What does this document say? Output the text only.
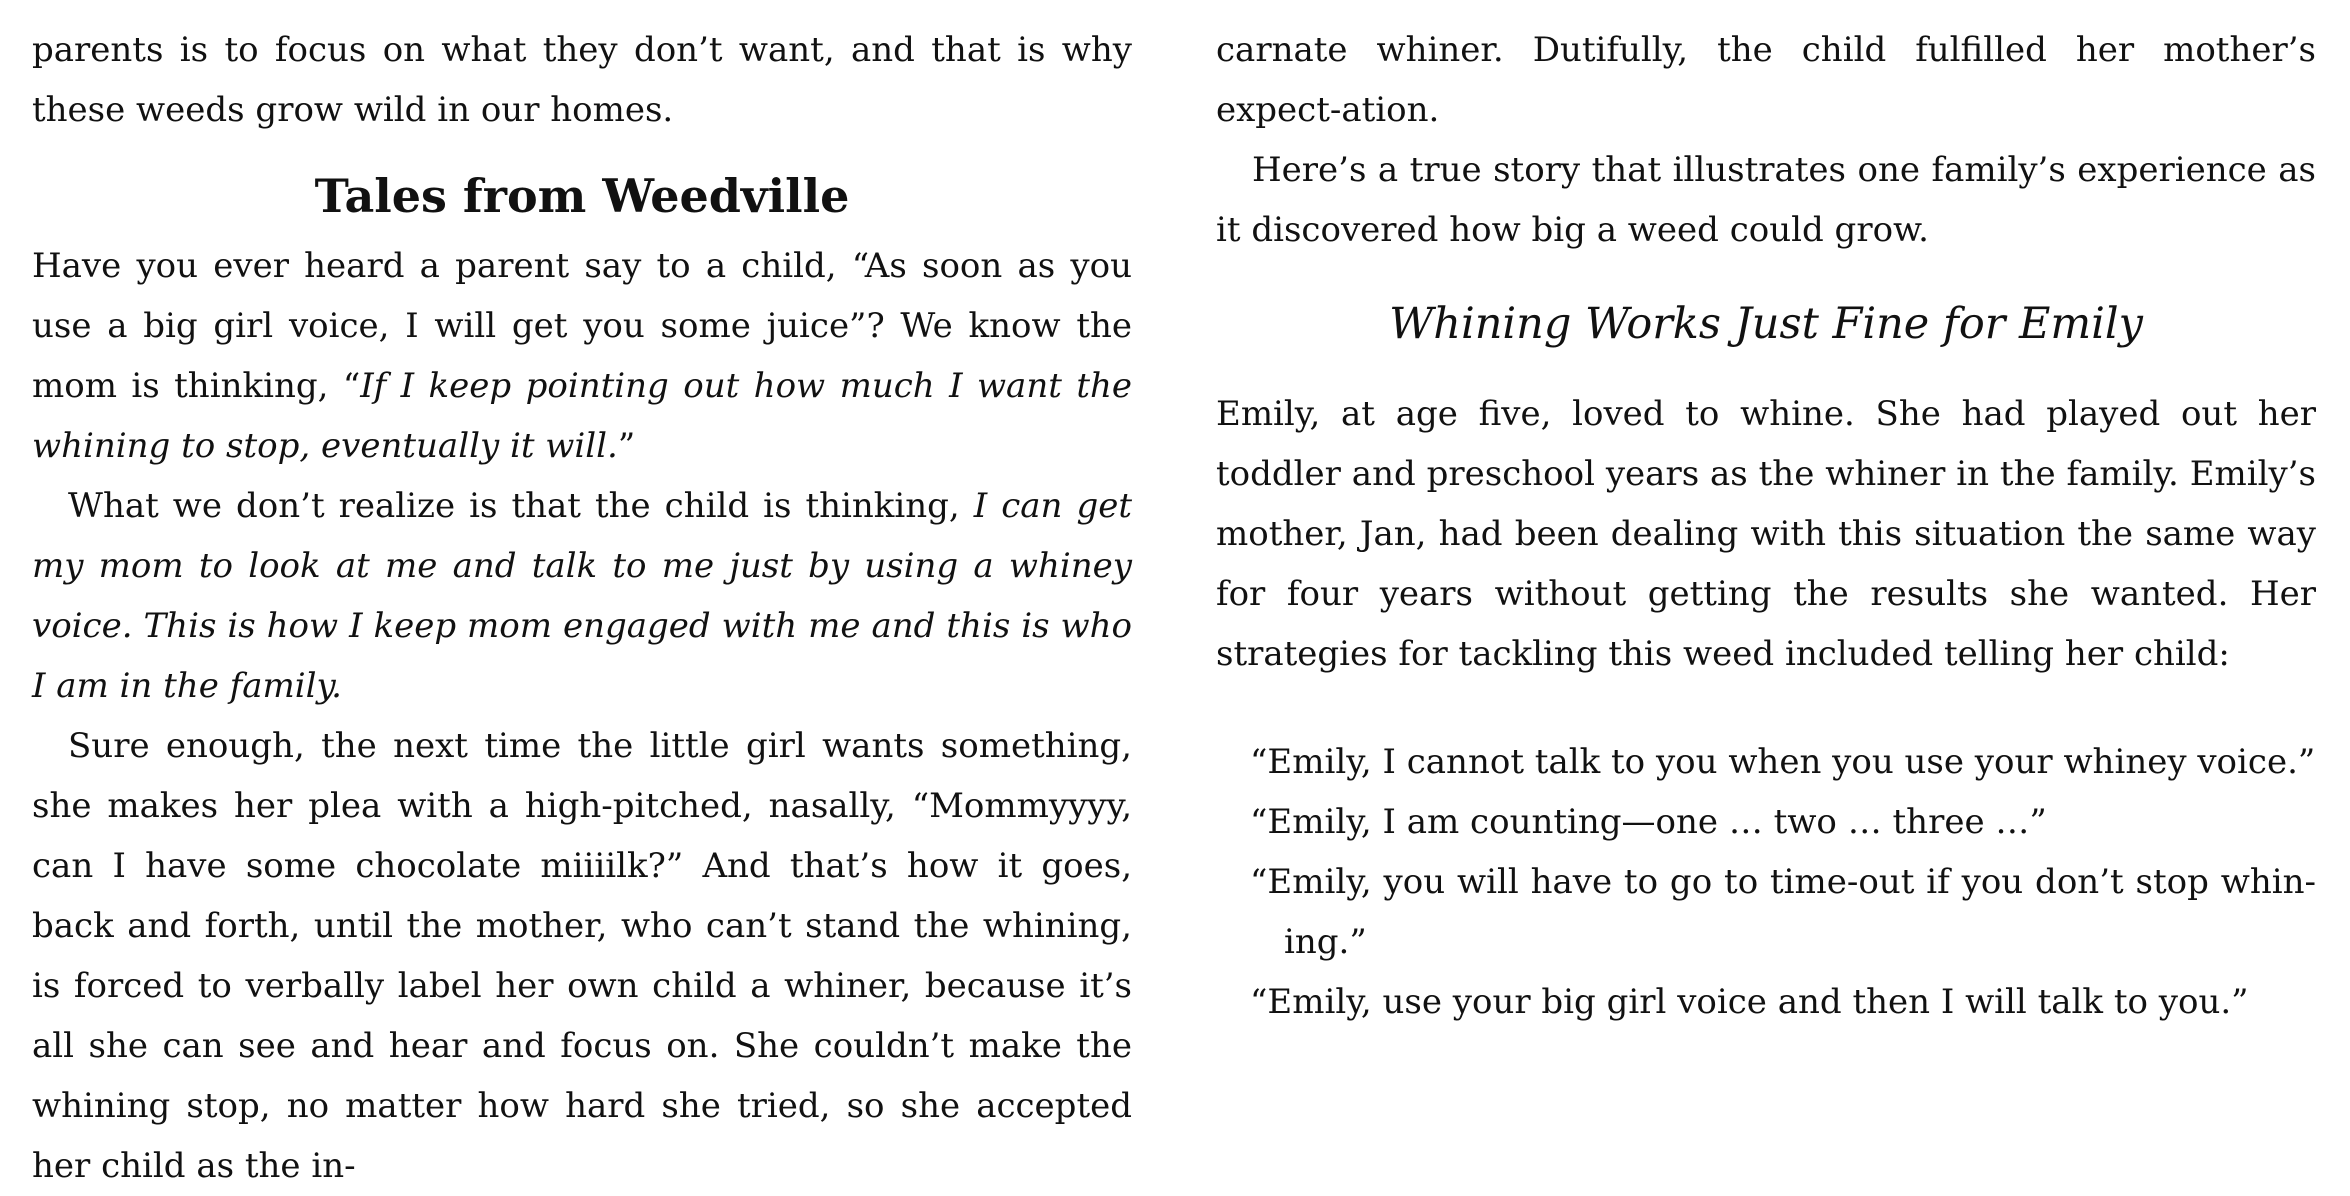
parents is to focus on what they don’t want, and that is why these weeds grow wild in our homes.

Tales from Weedville

Have you ever heard a parent say to a child, “As soon as you use a big girl voice, I will get you some juice”? We know the mom is thinking, “If I keep pointing out how much I want the whining to stop, eventually it will.”

What we don’t realize is that the child is thinking, I can get my mom to look at me and talk to me just by using a whiney voice. This is how I keep mom engaged with me and this is who I am in the family.

Sure enough, the next time the little girl wants something, she makes her plea with a high-pitched, nasally, “Mommyyyy, can I have some chocolate miiiilk?” And that’s how it goes, back and forth, until the mother, who can’t stand the whining, is forced to verbally label her own child a whiner, because it’s all she can see and hear and focus on. She couldn’t make the whining stop, no matter how hard she tried, so she accepted her child as the in-

carnate whiner. Dutifully, the child fulfilled her mother’s expect-ation.

Here’s a true story that illustrates one family’s experience as it discovered how big a weed could grow.

Whining Works Just Fine for Emily

Emily, at age five, loved to whine. She had played out her toddler and preschool years as the whiner in the family. Emily’s mother, Jan, had been dealing with this situation the same way for four years without getting the results she wanted. Her strategies for tackling this weed included telling her child:

“Emily, I cannot talk to you when you use your whiney voice.”
“Emily, I am counting—one … two … three …”
“Emily, you will have to go to time-out if you don’t stop whin-ing.”
“Emily, use your big girl voice and then I will talk to you.”
